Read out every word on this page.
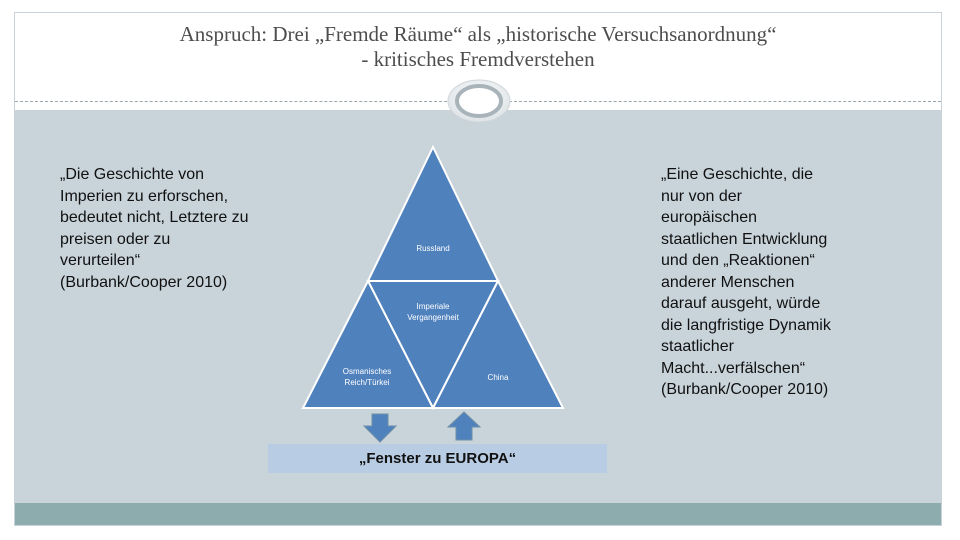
Anspruch: Drei „Fremde Räume“ als „historische Versuchsanordnung“
- kritisches Fremdverstehen
„Die Geschichte von
Imperien zu erforschen,
bedeutet nicht, Letztere zu
preisen oder zu
verurteilen“
(Burbank/Cooper 2010)
„Eine Geschichte, die
nur von der
europäischen
staatlichen Entwicklung
und den „Reaktionen“
anderer Menschen
darauf ausgeht, würde
die langfristige Dynamik
staatlicher
Macht...verfälschen“
(Burbank/Cooper 2010)
Russland
Imperiale
Vergangenheit
Osmanisches
Reich/Türkei
China
„Fenster zu EUROPA“
